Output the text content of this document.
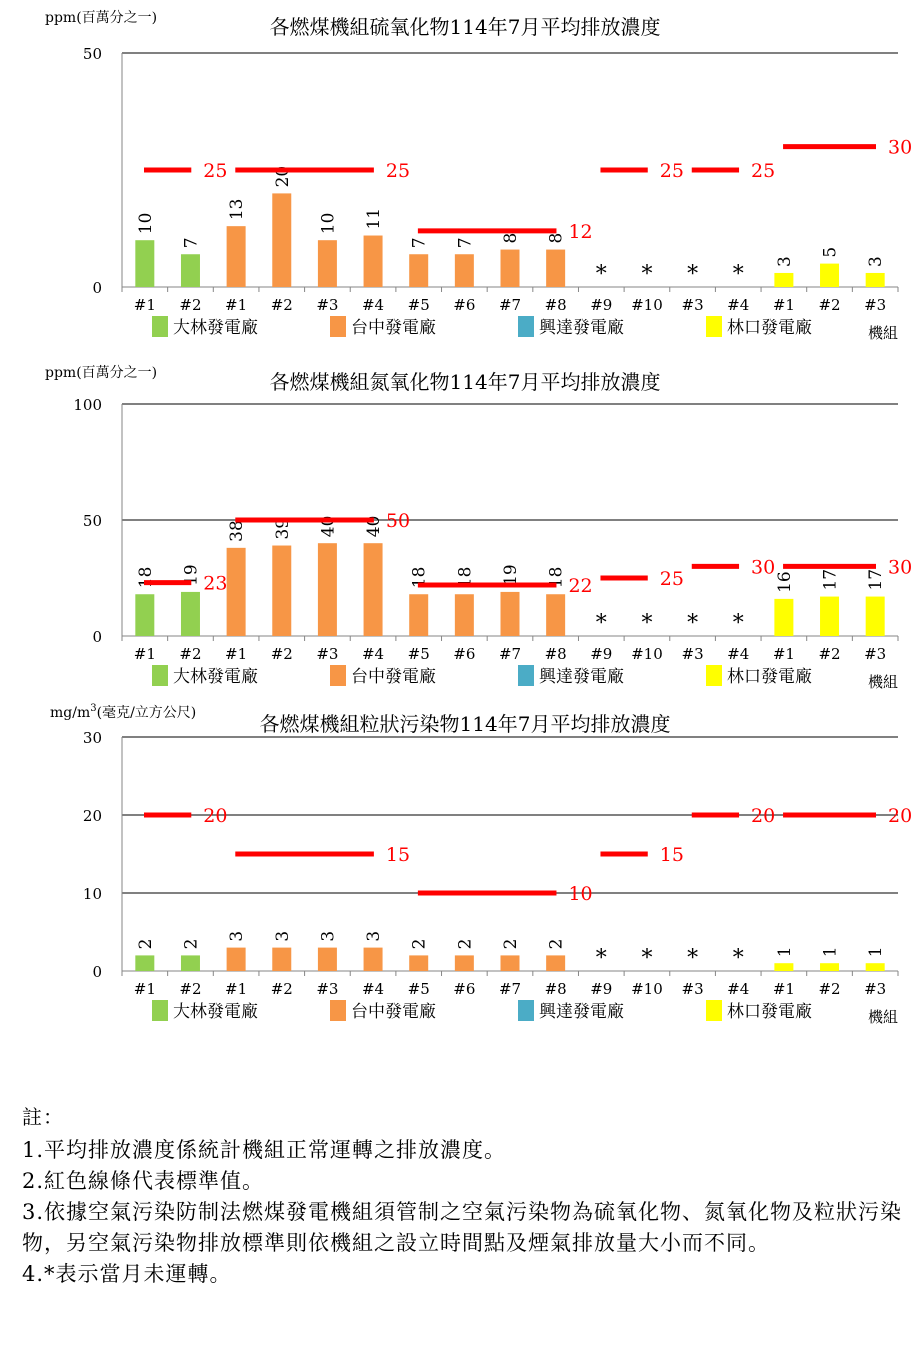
各燃煤機組硫氧化物114年7月平均排放濃度
ppm(百萬分之一)
0
50
10
7
13
20
10 11
7 7 8 8
* * * *
3
5
3
#1 #2 #1 #2 #3 #4 #5 #6 #7 #8 #9 #10 #3 #4 #1 #2 #3
25	25
12
25	25
30
大林發電廠	台中發電廠	興達發電廠	林口發電廠	機組
各燃煤機組氮氧化物114年7月平均排放濃度
ppm(百萬分之一)
0
50
100
18 19
38 39 40 40
18 18 19 18
* * * *
16 17 17
#1 #2 #1 #2 #3 #4 #5 #6 #7 #8 #9 #10 #3 #4 #1 #2 #3
23
50
22	25
30	30
大林發電廠	台中發電廠	興達發電廠	林口發電廠	機組
各燃煤機組粒狀污染物114年7月平均排放濃度
$mg/m^3$(毫克/立方公尺)
0
10
20
30
2 2
3 3 3 3
2 2 2 2
* * * * 1 1 1
#1 #2 #1 #2 #3 #4 #5 #6 #7 #8 #9 #10 #3 #4 #1 #2 #3
20
15
10
15
20	20
大林發電廠	台中發電廠	興達發電廠	林口發電廠	機組

註：

1.平均排放濃度係統計機組正常運轉之排放濃度。

2.紅色線條代表標準值。

3.依據空氣污染防制法燃煤發電機組須管制之空氣污染物為硫氧化物、氮氧化物及粒狀污染物，另空氣污染物排放標準則依機組之設立時間點及煙氣排放量大小而不同。

4.*表示當月未運轉。
